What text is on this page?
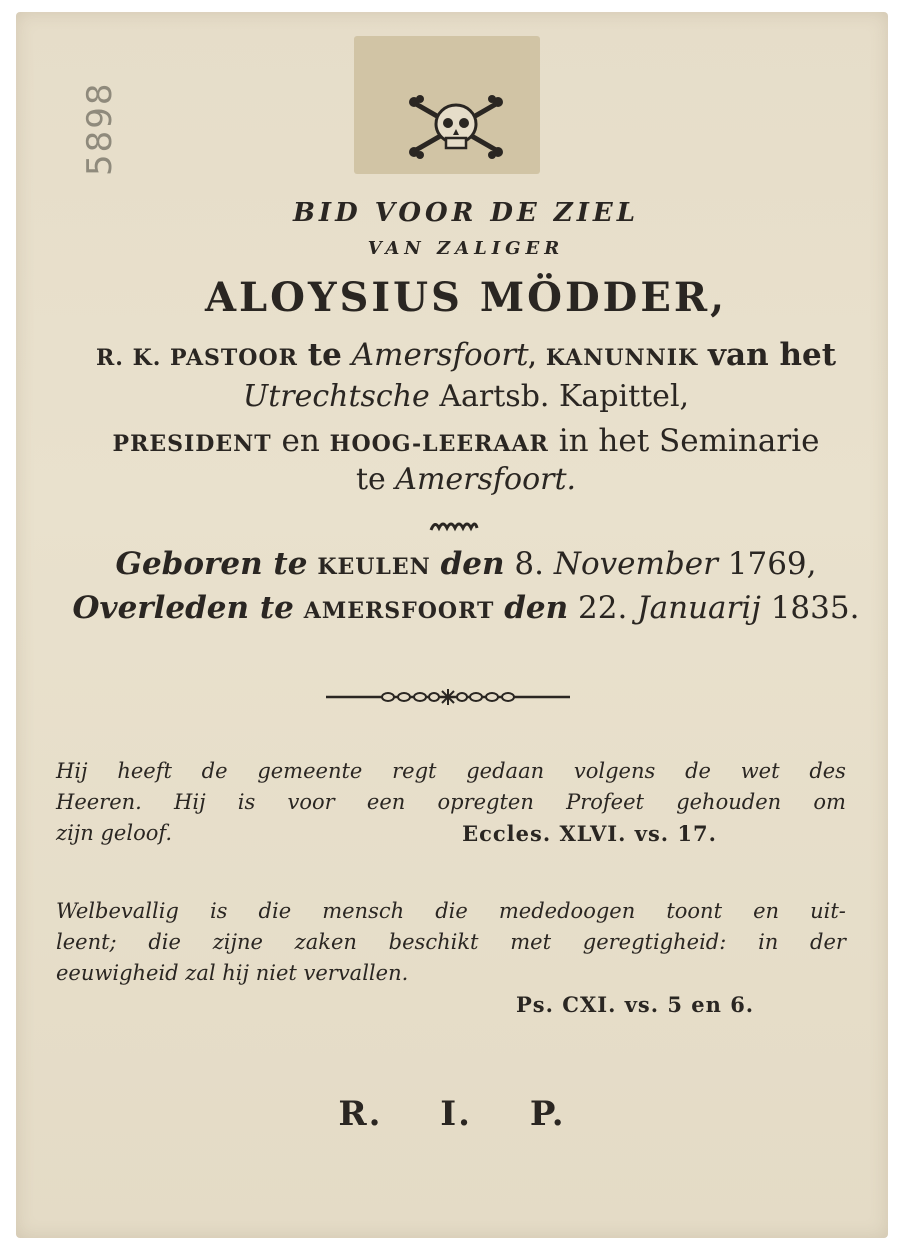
5898
BID VOOR DE ZIEL
VAN ZALIGER
ALOYSIUS MÖDDER,
R. K. PASTOOR te Amersfoort, KANUNNIK van het
Utrechtsche Aartsb. Kapittel,
PRESIDENT en HOOG-LEERAAR in het Seminarie
te Amersfoort.
Geboren te KEULEN den 8. November 1769,
Overleden te AMERSFOORT den 22. Januarij 1835.
Hij heeft de gemeente regt gedaan volgens de wet des
Heeren. Hij is voor een opregten Profeet gehouden om
zijn geloof.	Eccles. XLVI. vs. 17.
Welbevallig is die mensch die mededoogen toont en uit-
leent; die zijne zaken beschikt met geregtigheid: in der
eeuwigheid zal hij niet vervallen.
Ps. CXI. vs. 5 en 6.
R. I. P.
